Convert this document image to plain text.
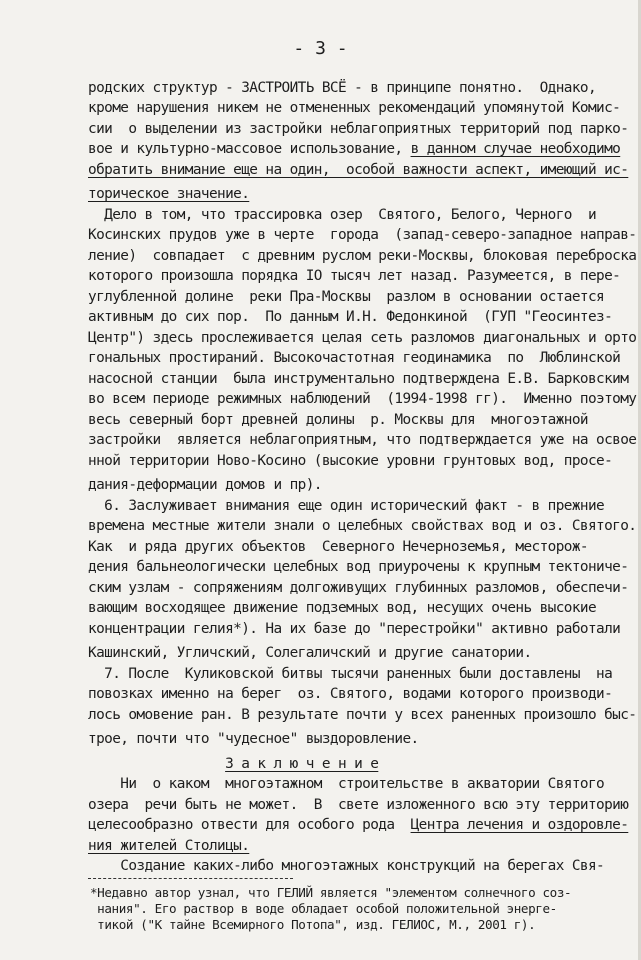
- 3 -
родских структур - ЗАСТРОИТЬ ВСЁ - в принципе понятно.  Однако,
кроме нарушения никем не отмененных рекомендаций упомянутой Комис-
сии  о выделении из застройки неблагоприятных территорий под парко-
вое и культурно-массовое использование, в данном случае необходимо
обратить внимание еще на один,  особой важности аспект, имеющий ис-
торическое значение.
Дело в том, что трассировка озер  Святого, Белого, Черного  и
Косинских прудов уже в черте  города  (запад-северо-западное направ-
ление)  совпадает  с древним руслом реки-Москвы, блоковая переброска
которого произошла порядка IO тысяч лет назад. Разумеется, в пере-
углубленной долине  реки Пра-Москвы  разлом в основании остается
активным до сих пор.  По данным И.Н. Федонкиной  (ГУП "Геосинтез-
Центр") здесь прослеживается целая сеть разломов диагональных и орто
гональных простираний. Высокочастотная геодинамика  по  Люблинской
насосной станции  была инструментально подтверждена Е.В. Барковским
во всем периоде режимных наблюдений  (1994-1998 гг).  Именно поэтому
весь северный борт древней долины  р. Москвы для  многоэтажной
застройки  является неблагоприятным, что подтверждается уже на освое
нной территории Ново-Косино (высокие уровни грунтовых вод, просе-
дания-деформации домов и пр).
6. Заслуживает внимания еще один исторический факт - в прежние
времена местные жители знали о целебных свойствах вод и оз. Святого.
Как  и ряда других объектов  Северного Нечерноземья, месторож-
дения бальнеологически целебных вод приурочены к крупным тектониче-
ским узлам - сопряжениям долгоживущих глубинных разломов, обеспечи-
вающим восходящее движение подземных вод, несущих очень высокие
концентрации гелия*). На их базе до "перестройки" активно работали
Кашинский, Угличский, Солегаличский и другие санатории.
7. После  Куликовской битвы тысячи раненных были доставлены  на
повозках именно на берег  оз. Святого, водами которого производи-
лось омовение ран. В результате почти у всех раненных произошло быс-
трое, почти что "чудесное" выздоровление.
З а к л ю ч е н и е
Ни  о каком  многоэтажном  строительстве в акватории Святого
озера  речи быть не может.  В  свете изложенного всю эту территорию
целесообразно отвести для особого рода  Центра лечения и оздоровле-
ния жителей Столицы.
Создание каких-либо многоэтажных конструкций на берегах Свя-
*Недавно автор узнал, что ГЕЛИЙ является "элементом солнечного соз-
нания". Его раствор в воде обладает особой положительной энерге-
тикой ("К тайне Всемирного Потопа", изд. ГЕЛИОС, М., 2001 г).
